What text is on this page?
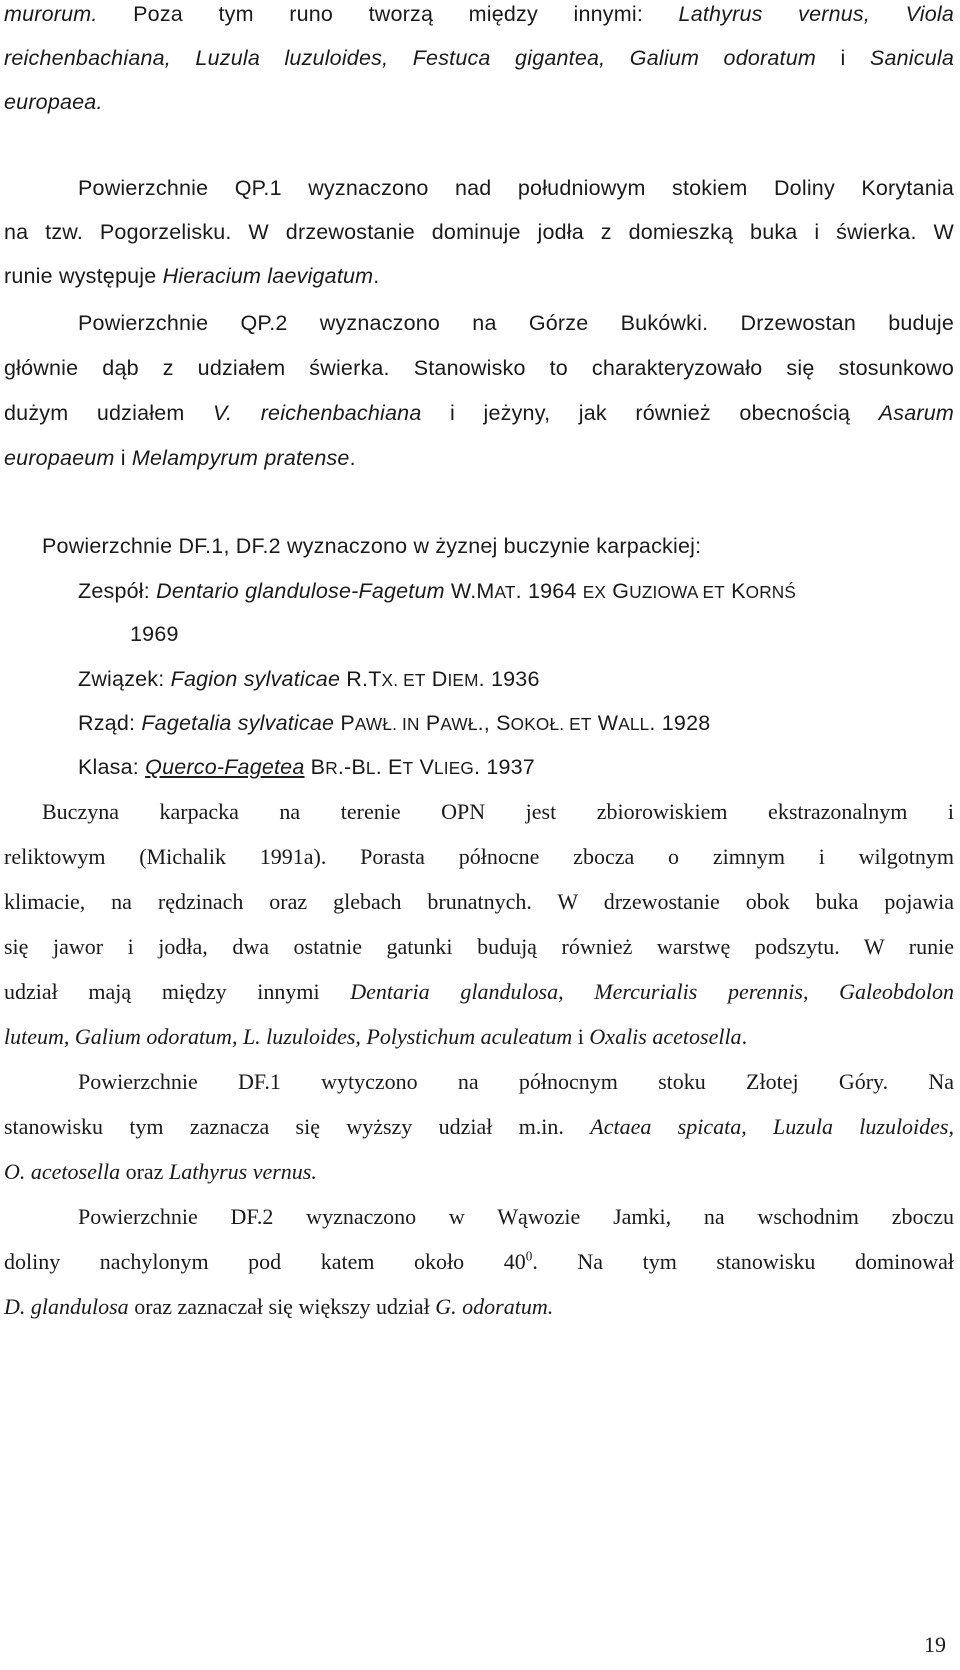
murorum. Poza tym runo tworzą między innymi: Lathyrus vernus, Viola
reichenbachiana, Luzula luzuloides, Festuca gigantea, Galium odoratum i Sanicula
europaea.
Powierzchnie QP.1 wyznaczono nad południowym stokiem Doliny Korytania
na tzw. Pogorzelisku. W drzewostanie dominuje jodła z domieszką buka i świerka. W
runie występuje Hieracium laevigatum.
Powierzchnie QP.2 wyznaczono na Górze Bukówki. Drzewostan buduje
głównie dąb z udziałem świerka. Stanowisko to charakteryzowało się stosunkowo
dużym udziałem V. reichenbachiana i jeżyny, jak również obecnością Asarum
europaeum i Melampyrum pratense.
Powierzchnie DF.1, DF.2 wyznaczono w żyznej buczynie karpackiej:
Zespół: Dentario glandulose-Fagetum W.MAT. 1964 EX GUZIOWA ET KORNŚ
1969
Związek: Fagion sylvaticae R.TX. ET DIEM. 1936
Rząd: Fagetalia sylvaticae PAWŁ. IN PAWŁ., SOKOŁ. ET WALL. 1928
Klasa: Querco-Fagetea BR.-BL. ET VLIEG. 1937
Buczyna karpacka na terenie OPN jest zbiorowiskiem ekstrazonalnym i
reliktowym (Michalik 1991a). Porasta północne zbocza o zimnym i wilgotnym
klimacie, na rędzinach oraz glebach brunatnych. W drzewostanie obok buka pojawia
się jawor i jodła, dwa ostatnie gatunki budują również warstwę podszytu. W runie
udział mają między innymi Dentaria glandulosa, Mercurialis perennis, Galeobdolon
luteum, Galium odoratum, L. luzuloides, Polystichum aculeatum i Oxalis acetosella.
Powierzchnie DF.1 wytyczono na północnym stoku Złotej Góry. Na
stanowisku tym zaznacza się wyższy udział m.in. Actaea spicata, Luzula luzuloides,
O. acetosella oraz Lathyrus vernus.
Powierzchnie DF.2 wyznaczono w Wąwozie Jamki, na wschodnim zboczu
doliny nachylonym pod katem około $40^0$. Na tym stanowisku dominował
D. glandulosa oraz zaznaczał się większy udział G. odoratum.
19
